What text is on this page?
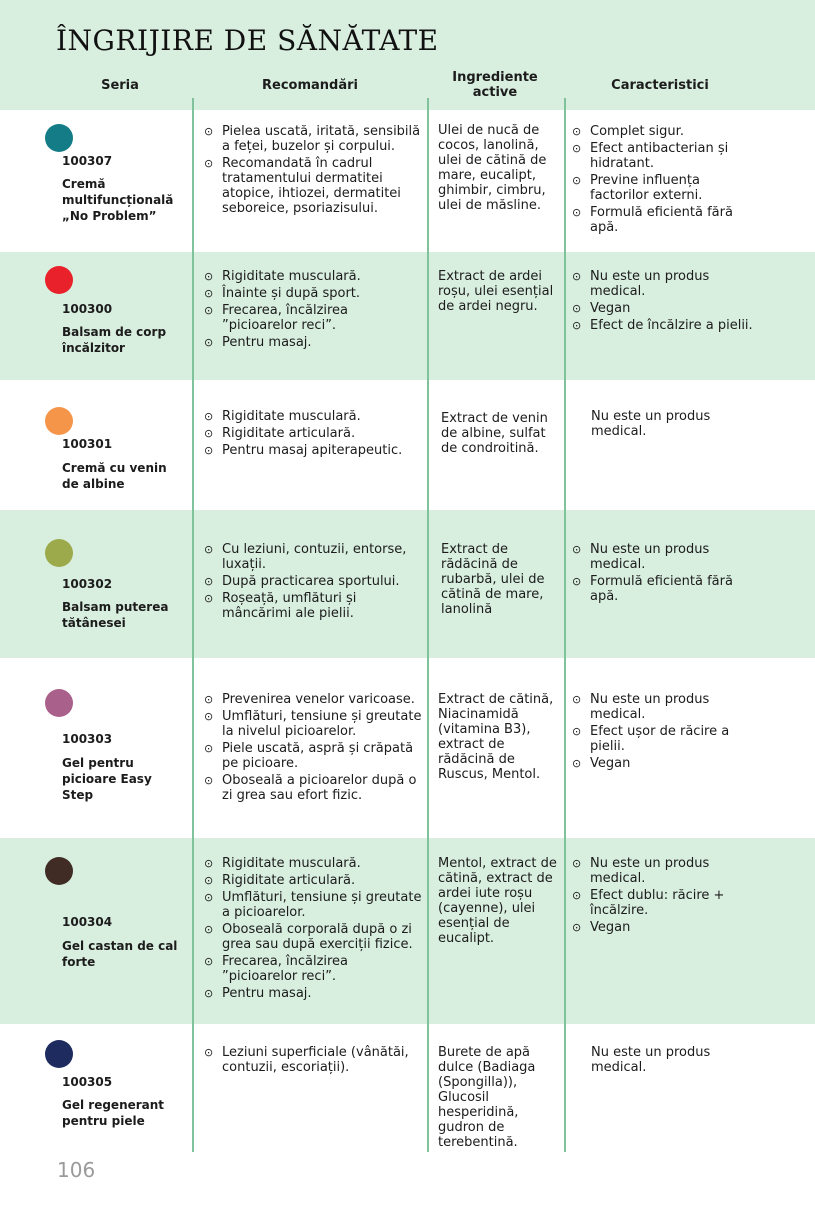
ÎNGRIJIRE DE SĂNĂTATE
Seria	Recomandări
Ingrediente active	Caracteristici
100307
Cremă multifuncțională „No Problem”
⊙ Pielea uscată, iritată, sensibilă a feței, buzelor și corpului.
⊙ Recomandată în cadrul tratamentului dermatitei atopice, ihtiozei, dermatitei seboreice, psoriazisului.
Ulei de nucă de cocos, lanolină, ulei de cătină de mare, eucalipt, ghimbir, cimbru, ulei de măsline.
⊙ Complet sigur.
⊙ Efect antibacterian și hidratant.
⊙ Previne influența factorilor externi.
⊙ Formulă eficientă fără apă.
100300
Balsam de corp încălzitor
⊙ Rigiditate musculară.
⊙ Înainte și după sport.
⊙ Frecarea, încălzirea ”picioarelor reci”.
⊙ Pentru masaj.
Extract de ardei roșu, ulei esențial de ardei negru.
⊙ Nu este un produs medical.
⊙ Vegan
⊙ Efect de încălzire a pielii.
100301
Cremă cu venin de albine
⊙ Rigiditate musculară.
⊙ Rigiditate articulară.
⊙ Pentru masaj apiterapeutic.
Extract de venin de albine, sulfat de condroitină.
Nu este un produs medical.
100302
Balsam puterea tătânesei
⊙ Cu leziuni, contuzii, entorse, luxații.
⊙ După practicarea sportului.
⊙ Roșeață, umflături și mâncărimi ale pielii.
Extract de rădăcină de rubarbă, ulei de cătină de mare, lanolină
⊙ Nu este un produs medical.
⊙ Formulă eficientă fără apă.
100303
Gel pentru picioare Easy Step
⊙ Prevenirea venelor varicoase.
⊙ Umflături, tensiune și greutate la nivelul picioarelor.
⊙ Piele uscată, aspră și crăpată pe picioare.
⊙ Oboseală a picioarelor după o zi grea sau efort fizic.
Extract de cătină, Niacinamidă (vitamina B3), extract de rădăcină de Ruscus, Mentol.
⊙ Nu este un produs medical.
⊙ Efect ușor de răcire a pielii.
⊙ Vegan
100304
Gel castan de cal forte
⊙ Rigiditate musculară.
⊙ Rigiditate articulară.
⊙ Umflături, tensiune și greutate a picioarelor.
⊙ Oboseală corporală după o zi grea sau după exerciții fizice.
⊙ Frecarea, încălzirea ”picioarelor reci”.
⊙ Pentru masaj.
Mentol, extract de cătină, extract de ardei iute roșu (cayenne), ulei esențial de eucalipt.
⊙ Nu este un produs medical.
⊙ Efect dublu: răcire + încălzire.
⊙ Vegan
100305
Gel regenerant pentru piele
⊙ Leziuni superficiale (vânătăi, contuzii, escoriații).
Burete de apă dulce (Badiaga (Spongilla)), Glucosil hesperidină, gudron de terebentină.
Nu este un produs medical.
106
